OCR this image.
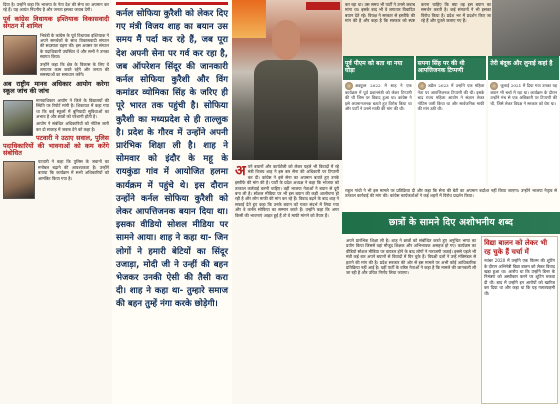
दिया है। उन्होंने कहा कि भाजपा के नेता देश की सेना का अपमान कर रहे हैं। यह अत्यंत निंदनीय है और जनता इसका जवाब देगी।

पूर्व कांग्रेस विधायक इश्तियाक विकासवादी संगठन में शामिल

भिवंडी के कांग्रेस के पूर्व विधायक इश्तियाक ने अपने समर्थकों के साथ विकासवादी संगठन की सदस्यता ग्रहण की। इस अवसर पर संगठन के पदाधिकारी उपस्थित थे और सभी ने उनका स्वागत किया।

उन्होंने कहा कि क्षेत्र के विकास के लिए वे लगातार काम करते रहेंगे और जनता की समस्याओं का समाधान करेंगे।

अब राष्ट्रीय मानव अधिकार आयोग करेगा स्कूल जांच की जांच

मानवाधिकार आयोग ने जिले के विद्यालयों की स्थिति पर रिपोर्ट मांगी है। शिकायत में कहा गया था कि कई स्कूलों में बुनियादी सुविधाओं का अभाव है और छात्रों को परेशानी होती है।

आयोग ने संबंधित अधिकारियों को नोटिस जारी कर दो सप्ताह में जवाब देने को कहा है।

पटवारी ने उठाए सवाल, पुलिस पदाधिकारियों की भावनाओं को कम करेंगे संबोधित

पटवारी ने कहा कि पुलिस के जवानों का मनोबल बढ़ाने की आवश्यकता है। उन्होंने बताया कि कार्यक्रम में सभी अधिकारियों को आमंत्रित किया गया है।

कर्नल सोफिया कुरैशी को लेकर दिए गए मंत्री विजय शाह का बयान उस समय मैं पर्दा कर रहे हैं, जब पूरा देश अपनी सेना पर गर्व कर रहा है, जब ऑपरेशन सिंदूर की जानकारी कर्नल सोफिया कुरैशी और विंग कमांडर व्योमिका सिंह के जरिए ही पूरे भारत तक पहुंची है। सोफिया कुरैशी का मध्यप्रदेश से ही ताल्लुक है। प्रदेश के गौरव में उन्होंने अपनी प्रारंभिक शिक्षा ली है। शाह ने सोमवार को इंदौर के महू के रायकुंडा गांव में आयोजित हलमा कार्यक्रम में पहुंचे थे। इस दौरान उन्होंने कर्नल सोफिया कुरैशी को लेकर आपत्तिजनक बयान दिया था। इसका वीडियो सोशल मीडिया पर सामने आया। शाह ने कहा था- जिन लोगों ने हमारी बेटियों का सिंदूर उजाड़ा, मोदी जी ने उन्हीं की बहन भेजकर उनकी ऐसी की तैसी करा दी। शाह ने कहा था- तुम्हारे समाज की बहन तुम्हें नंगा करके छोड़ेगी।

अ पने बयानों और कार्यशैली को लेकर पहले भी विवादों में रहे मंत्री विजय शाह ने इस बार सेना की अधिकारी पर टिप्पणी कर दी। कांग्रेस ने इसे सेना का अपमान बताते हुए उनके इस्तीफे की मांग की है। पार्टी के प्रदेश अध्यक्ष ने कहा कि भाजपा को तत्काल कार्रवाई करनी चाहिए। वहीं भाजपा नेताओं ने बयान से दूरी बना ली है। सोशल मीडिया पर भी इस बयान की कड़ी आलोचना हो रही है और लोग माफी की मांग कर रहे हैं। विवाद बढ़ने के बाद शाह ने सफाई देते हुए कहा कि उनके बयान को गलत संदर्भ में लिया गया और वे कर्नल सोफिया का सम्मान करते हैं। उन्होंने कहा कि अगर किसी की भावनाएं आहत हुई हैं तो वे माफी मांगने को तैयार हैं।
कर रहा था। उस समय भी पार्टी ने उनसे जवाब मांगा था। इसके बाद भी वे लगातार विवादित बयान देते रहे। विपक्ष ने सरकार से इस्तीफे की मांग की है और कहा है कि सरकार को स्पष्ट करना चाहिए कि क्या वह इस बयान का समर्थन करती है। कई संगठनों ने भी इसका विरोध किया है। प्रदेश भर में प्रदर्शन किए जा रहे हैं और पुतले जलाए गए हैं।
पूर्व पीएम को बता था नया घोड़ा
अक्टूबर 2022 में शाह ने एक कार्यक्रम में पूर्व प्रधानमंत्री को लेकर टिप्पणी की थी जिस पर विवाद हुआ था। कांग्रेस ने इसे अपमानजनक बताते हुए विरोध किया था और पार्टी ने उनसे माफी की मांग की थी।
सपना सिंह पर की थी आपत्तिजनक टिप्पणी
अप्रैल 2023 में उन्होंने एक महिला नेता पर आपत्तिजनक टिप्पणी की थी। इसके बाद राज्य महिला आयोग ने संज्ञान लेकर नोटिस जारी किया था और सार्वजनिक माफी की मांग उठी थी।
तेरी बंदूक और लुनाई कहां है
जुलाई 2021 में दिया गया उनका यह बयान भी चर्चा में रहा था। कार्यक्रम के दौरान उन्होंने मंच से एक अधिकारी पर टिप्पणी की थी, जिसे लेकर विपक्ष ने सरकार को घेरा था।
राहुल गांधी ने भी इस मामले पर प्रतिक्रिया दी और कहा कि सेना की बेटी का अपमान बर्दाश्त नहीं किया जाएगा। उन्होंने भाजपा नेतृत्व से तत्काल कार्रवाई की मांग की। कांग्रेस कार्यकर्ताओं ने कई शहरों में विरोध प्रदर्शन किया।
छात्रों के सामने दिए अशोभनीय शब्द
अपने प्रारंभिक शिक्षा ली है। शाह ने छात्रों को संबोधित करते हुए अनुचित भाषा का प्रयोग किया जिससे वहां मौजूद शिक्षक और अभिभावक असहज हो गए। कार्यक्रम का वीडियो सोशल मीडिया पर वायरल होने के बाद लोगों ने नाराजगी जताई। इससे पहले भी मंत्री कई बार अपने बयानों से विवादों में घिर चुके हैं। विपक्षी दलों ने उन्हें मंत्रिमंडल से हटाने की मांग की है। प्रदेश सरकार की ओर से इस मामले पर अभी कोई आधिकारिक प्रतिक्रिया नहीं आई है। वहीं पार्टी के वरिष्ठ नेताओं ने कहा है कि मामले की जानकारी ली जा रही है और उचित निर्णय लिया जाएगा।
विद्या बालन को लेकर भी रह चुके हैं चर्चा में
नवंबर 2020 में उन्होंने एक फिल्म की शूटिंग के दौरान अभिनेत्री विद्या बालन को लेकर विवाद खड़ा हुआ था। आरोप था कि उन्होंने डिनर के निमंत्रण को अस्वीकार करने पर शूटिंग रुकवा दी थी। बाद में उन्होंने इन आरोपों को खारिज कर दिया था और कहा था कि यह गलतफहमी थी।
